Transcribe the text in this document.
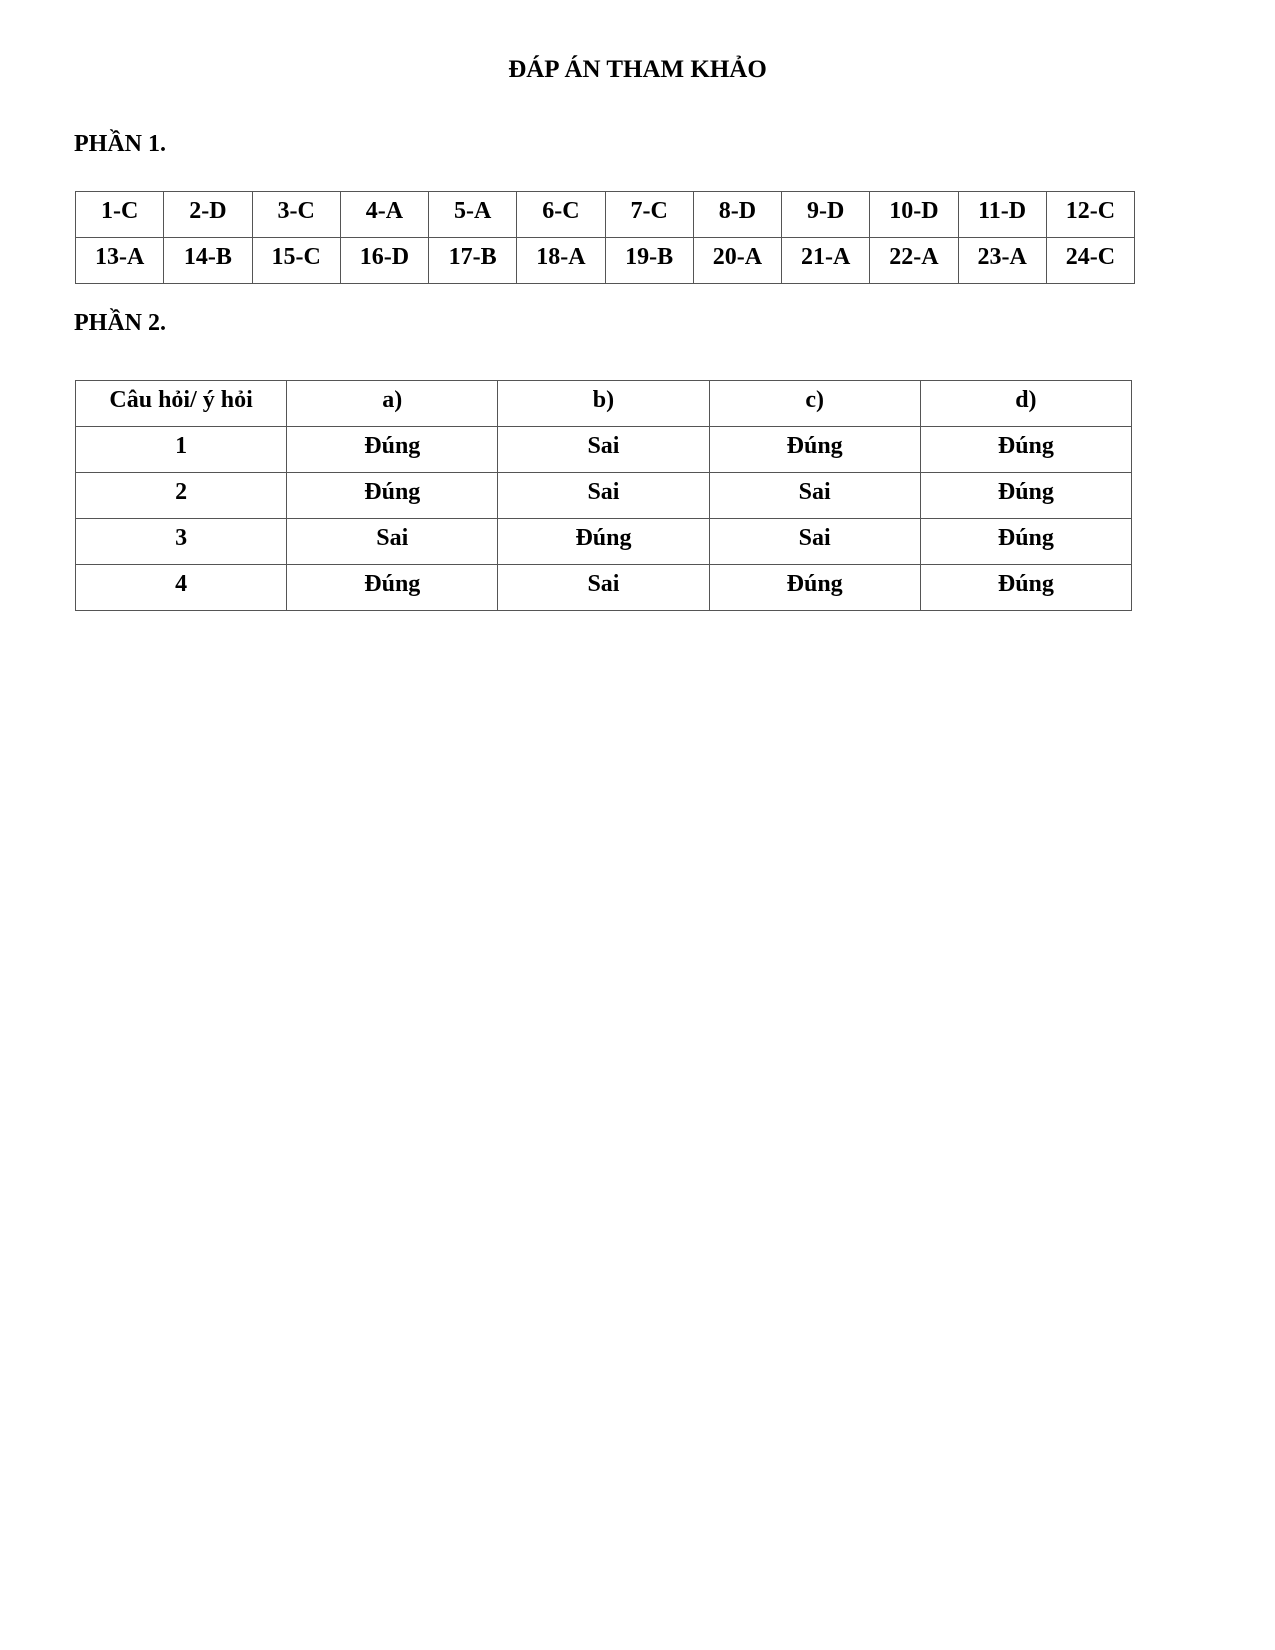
ĐÁP ÁN THAM KHẢO
PHẦN 1.
1-C	2-D	3-C	4-A	5-A	6-C	7-C	8-D	9-D	10-D	11-D	12-C
13-A	14-B	15-C	16-D	17-B	18-A	19-B	20-A	21-A	22-A	23-A	24-C
PHẦN 2.
Câu hỏi/ ý hỏi	a)	b)	c)	d)
1	Đúng	Sai	Đúng	Đúng
2	Đúng	Sai	Sai	Đúng
3	Sai	Đúng	Sai	Đúng
4	Đúng	Sai	Đúng	Đúng
